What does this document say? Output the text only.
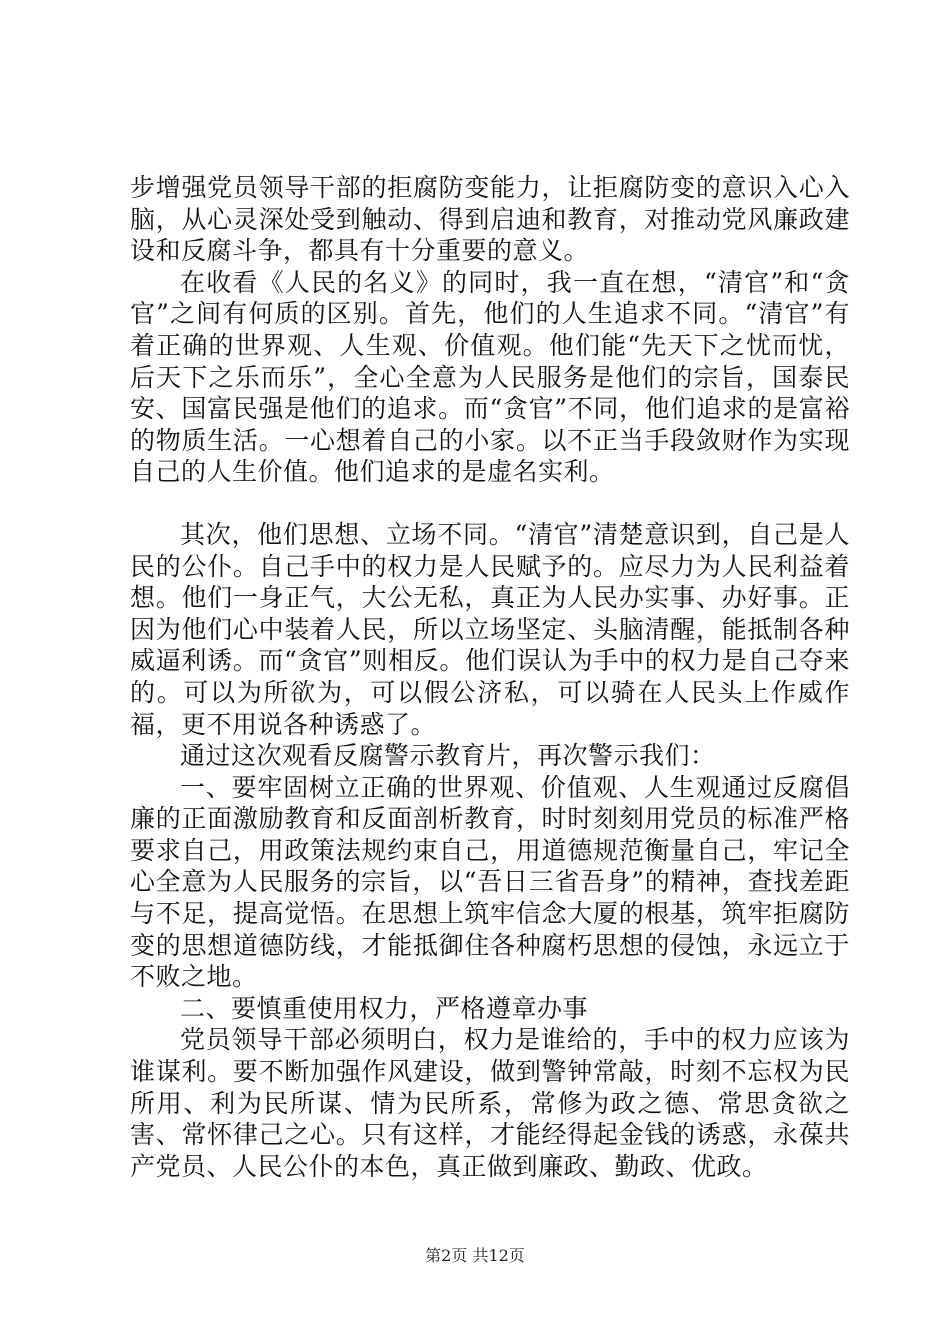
步增强党员领导干部的拒腐防变能力，让拒腐防变的意识入心入脑，从心灵深处受到触动、得到启迪和教育，对推动党风廉政建设和反腐斗争，都具有十分重要的意义。

在收看《人民的名义》的同时，我一直在想，“清官”和“贪官”之间有何质的区别。首先，他们的人生追求不同。“清官”有着正确的世界观、人生观、价值观。他们能“先天下之忧而忧，后天下之乐而乐”，全心全意为人民服务是他们的宗旨，国泰民安、国富民强是他们的追求。而“贪官”不同，他们追求的是富裕的物质生活。一心想着自己的小家。以不正当手段敛财作为实现自己的人生价值。他们追求的是虚名实利。

其次，他们思想、立场不同。“清官”清楚意识到，自己是人民的公仆。自己手中的权力是人民赋予的。应尽力为人民利益着想。他们一身正气，大公无私，真正为人民办实事、办好事。正因为他们心中装着人民，所以立场坚定、头脑清醒，能抵制各种威逼利诱。而“贪官”则相反。他们误认为手中的权力是自己夺来的。可以为所欲为，可以假公济私，可以骑在人民头上作威作福，更不用说各种诱惑了。

通过这次观看反腐警示教育片，再次警示我们：

一、要牢固树立正确的世界观、价值观、人生观通过反腐倡廉的正面激励教育和反面剖析教育，时时刻刻用党员的标准严格要求自己，用政策法规约束自己，用道德规范衡量自己，牢记全心全意为人民服务的宗旨，以“吾日三省吾身”的精神，查找差距与不足，提高觉悟。在思想上筑牢信念大厦的根基，筑牢拒腐防变的思想道德防线，才能抵御住各种腐朽思想的侵蚀，永远立于不败之地。

二、要慎重使用权力，严格遵章办事

党员领导干部必须明白，权力是谁给的，手中的权力应该为谁谋利。要不断加强作风建设，做到警钟常敲，时刻不忘权为民所用、利为民所谋、情为民所系，常修为政之德、常思贪欲之害、常怀律己之心。只有这样，才能经得起金钱的诱惑，永葆共产党员、人民公仆的本色，真正做到廉政、勤政、优政。

第2页 共12页
